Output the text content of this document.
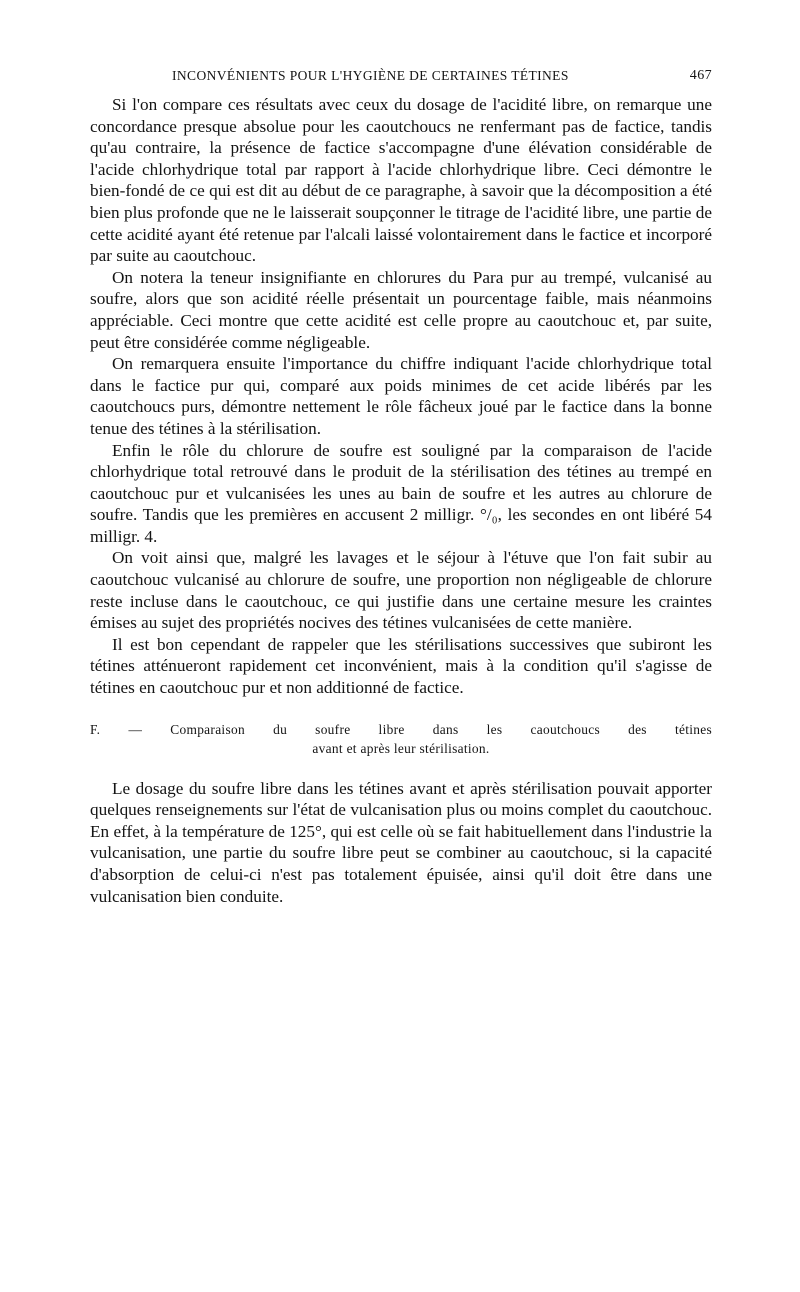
INCONVÉNIENTS POUR L'HYGIÈNE DE CERTAINES TÉTINES	467

Si l'on compare ces résultats avec ceux du dosage de l'acidité libre, on remarque une concordance presque absolue pour les caoutchoucs ne renfermant pas de factice, tandis qu'au contraire, la présence de factice s'accompagne d'une élévation considérable de l'acide chlorhydrique total par rapport à l'acide chlorhydrique libre. Ceci démontre le bien-fondé de ce qui est dit au début de ce paragraphe, à savoir que la décomposition a été bien plus profonde que ne le laisserait soupçonner le titrage de l'acidité libre, une partie de cette acidité ayant été retenue par l'alcali laissé volontairement dans le factice et incorporé par suite au caoutchouc.

On notera la teneur insignifiante en chlorures du Para pur au trempé, vulcanisé au soufre, alors que son acidité réelle présentait un pourcentage faible, mais néanmoins appréciable. Ceci montre que cette acidité est celle propre au caoutchouc et, par suite, peut être considérée comme négligeable.

On remarquera ensuite l'importance du chiffre indiquant l'acide chlorhydrique total dans le factice pur qui, comparé aux poids minimes de cet acide libérés par les caoutchoucs purs, démontre nettement le rôle fâcheux joué par le factice dans la bonne tenue des tétines à la stérilisation.

Enfin le rôle du chlorure de soufre est souligné par la comparaison de l'acide chlorhydrique total retrouvé dans le produit de la stérilisation des tétines au trempé en caoutchouc pur et vulcanisées les unes au bain de soufre et les autres au chlorure de soufre. Tandis que les premières en accusent 2 milligr. °/₀, les secondes en ont libéré 54 milligr. 4.

On voit ainsi que, malgré les lavages et le séjour à l'étuve que l'on fait subir au caoutchouc vulcanisé au chlorure de soufre, une proportion non négligeable de chlorure reste incluse dans le caoutchouc, ce qui justifie dans une certaine mesure les craintes émises au sujet des propriétés nocives des tétines vulcanisées de cette manière.

Il est bon cependant de rappeler que les stérilisations successives que subiront les tétines atténueront rapidement cet inconvénient, mais à la condition qu'il s'agisse de tétines en caoutchouc pur et non additionné de factice.

F. — Comparaison du soufre libre dans les caoutchoucs des tétines
avant et après leur stérilisation.

Le dosage du soufre libre dans les tétines avant et après stérilisation pouvait apporter quelques renseignements sur l'état de vulcanisation plus ou moins complet du caoutchouc. En effet, à la température de 125°, qui est celle où se fait habituellement dans l'industrie la vulcanisation, une partie du soufre libre peut se combiner au caoutchouc, si la capacité d'absorption de celui-ci n'est pas totalement épuisée, ainsi qu'il doit être dans une vulcanisation bien conduite.
